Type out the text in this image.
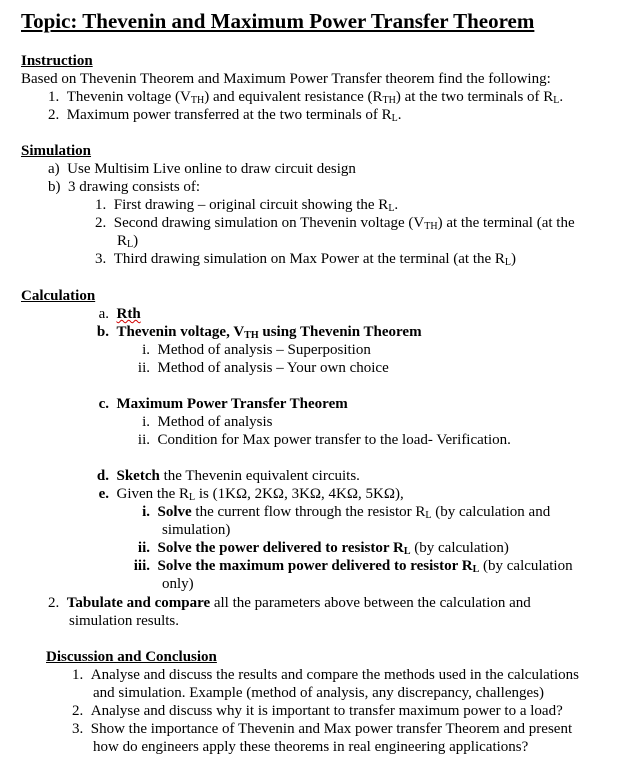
Topic: Thevenin and Maximum Power Transfer Theorem
Instruction
Based on Thevenin Theorem and Maximum Power Transfer theorem find the following:
1. Thevenin voltage $(V_{TH})$ and equivalent resistance $(R_{TH})$ at the two terminals of $R_L$.
2. Maximum power transferred at the two terminals of $R_L$.
Simulation
a) Use Multisim Live online to draw circuit design
b) 3 drawing consists of:
1. First drawing – original circuit showing the $R_L$.
2. Second drawing simulation on Thevenin voltage $(V_{TH})$ at the terminal (at the
$R_L$)
3. Third drawing simulation on Max Power at the terminal (at the $R_L$)
Calculation
a. Rth
b. Thevenin voltage, $V_{TH}$ using Thevenin Theorem
i. Method of analysis – Superposition
ii. Method of analysis – Your own choice
c. Maximum Power Transfer Theorem
i. Method of analysis
ii. Condition for Max power transfer to the load- Verification.
d. Sketch the Thevenin equivalent circuits.
e. Given the $R_L$ is (1KΩ, 2KΩ, 3KΩ, 4KΩ, 5KΩ),
i. Solve the current flow through the resistor $R_L$ (by calculation and
simulation)
ii. Solve the power delivered to resistor $R_L$ (by calculation)
iii. Solve the maximum power delivered to resistor $R_L$ (by calculation
only)
2. Tabulate and compare all the parameters above between the calculation and
simulation results.
Discussion and Conclusion
1. Analyse and discuss the results and compare the methods used in the calculations
and simulation. Example (method of analysis, any discrepancy, challenges)
2. Analyse and discuss why it is important to transfer maximum power to a load?
3. Show the importance of Thevenin and Max power transfer Theorem and present
how do engineers apply these theorems in real engineering applications?
